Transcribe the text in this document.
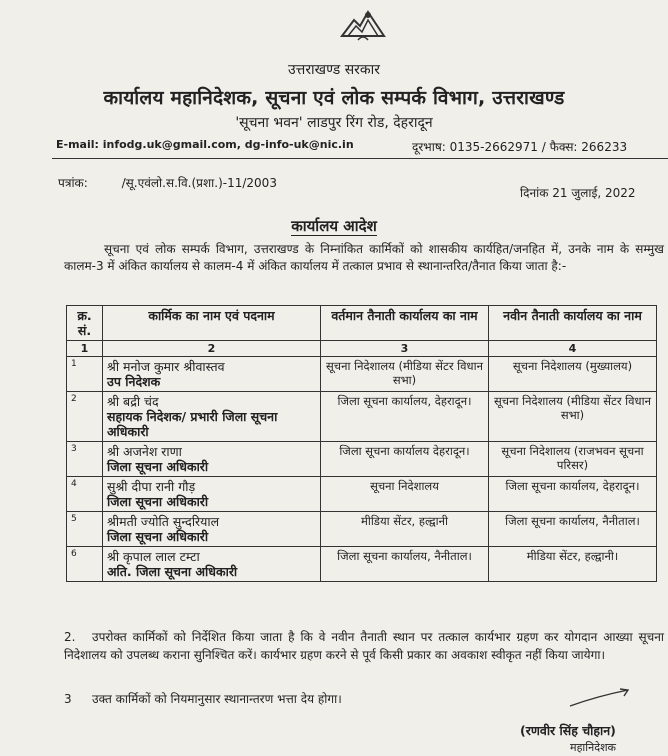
उत्तराखण्ड सरकार
कार्यालय महानिदेशक, सूचना एवं लोक सम्पर्क विभाग, उत्तराखण्ड
'सूचना भवन' लाडपुर रिंग रोड, देहरादून
E-mail: infodg.uk@gmail.com, dg-info-uk@nic.in	दूरभाष: 0135-2662971 / फैक्स: 266233
पत्रांक:	/सू.एवंलो.स.वि.(प्रशा.)-11/2003
दिनांक 21 जुलाई, 2022
कार्यालय आदेश
सूचना एवं लोक सम्पर्क विभाग, उत्तराखण्ड के निम्नांकित कार्मिकों को शासकीय कार्यहित/जनहित में, उनके नाम के सम्मुख कालम-3 में अंकित कार्यालय से कालम-4 में अंकित कार्यालय में तत्काल प्रभाव से स्थानान्तरित/तैनात किया जाता है:-
क्र. सं.	कार्मिक का नाम एवं पदनाम	वर्तमान तैनाती कार्यालय का नाम	नवीन तैनाती कार्यालय का नाम
1	2	3	4
1	श्री मनोज कुमार श्रीवास्तव
उप निदेशक	सूचना निदेशालय (मीडिया सेंटर विधान सभा)	सूचना निदेशालय (मुख्यालय)
2	श्री बद्री चंद
सहायक निदेशक/ प्रभारी जिला सूचना अधिकारी	जिला सूचना कार्यालय, देहरादून।	सूचना निदेशालय (मीडिया सेंटर विधान सभा)
3	श्री अजनेश राणा
जिला सूचना अधिकारी	जिला सूचना कार्यालय देहरादून।	सूचना निदेशालय (राजभवन सूचना परिसर)
4	सुश्री दीपा रानी गौड़
जिला सूचना अधिकारी	सूचना निदेशालय	जिला सूचना कार्यालय, देहरादून।
5	श्रीमती ज्योति सुन्दरियाल
जिला सूचना अधिकारी	मीडिया सेंटर, हल्द्वानी	जिला सूचना कार्यालय, नैनीताल।
6	श्री कृपाल लाल टम्टा
अति. जिला सूचना अधिकारी	जिला सूचना कार्यालय, नैनीताल।	मीडिया सेंटर, हल्द्वानी।
2. उपरोक्त कार्मिकों को निर्देशित किया जाता है कि वे नवीन तैनाती स्थान पर तत्काल कार्यभार ग्रहण कर योगदान आख्या सूचना निदेशालय को उपलब्ध कराना सुनिश्चित करें। कार्यभार ग्रहण करने से पूर्व किसी प्रकार का अवकाश स्वीकृत नहीं किया जायेगा।
3 उक्त कार्मिकों को नियमानुसार स्थानान्तरण भत्ता देय होगा।
(रणवीर सिंह चौहान)
महानिदेशक
